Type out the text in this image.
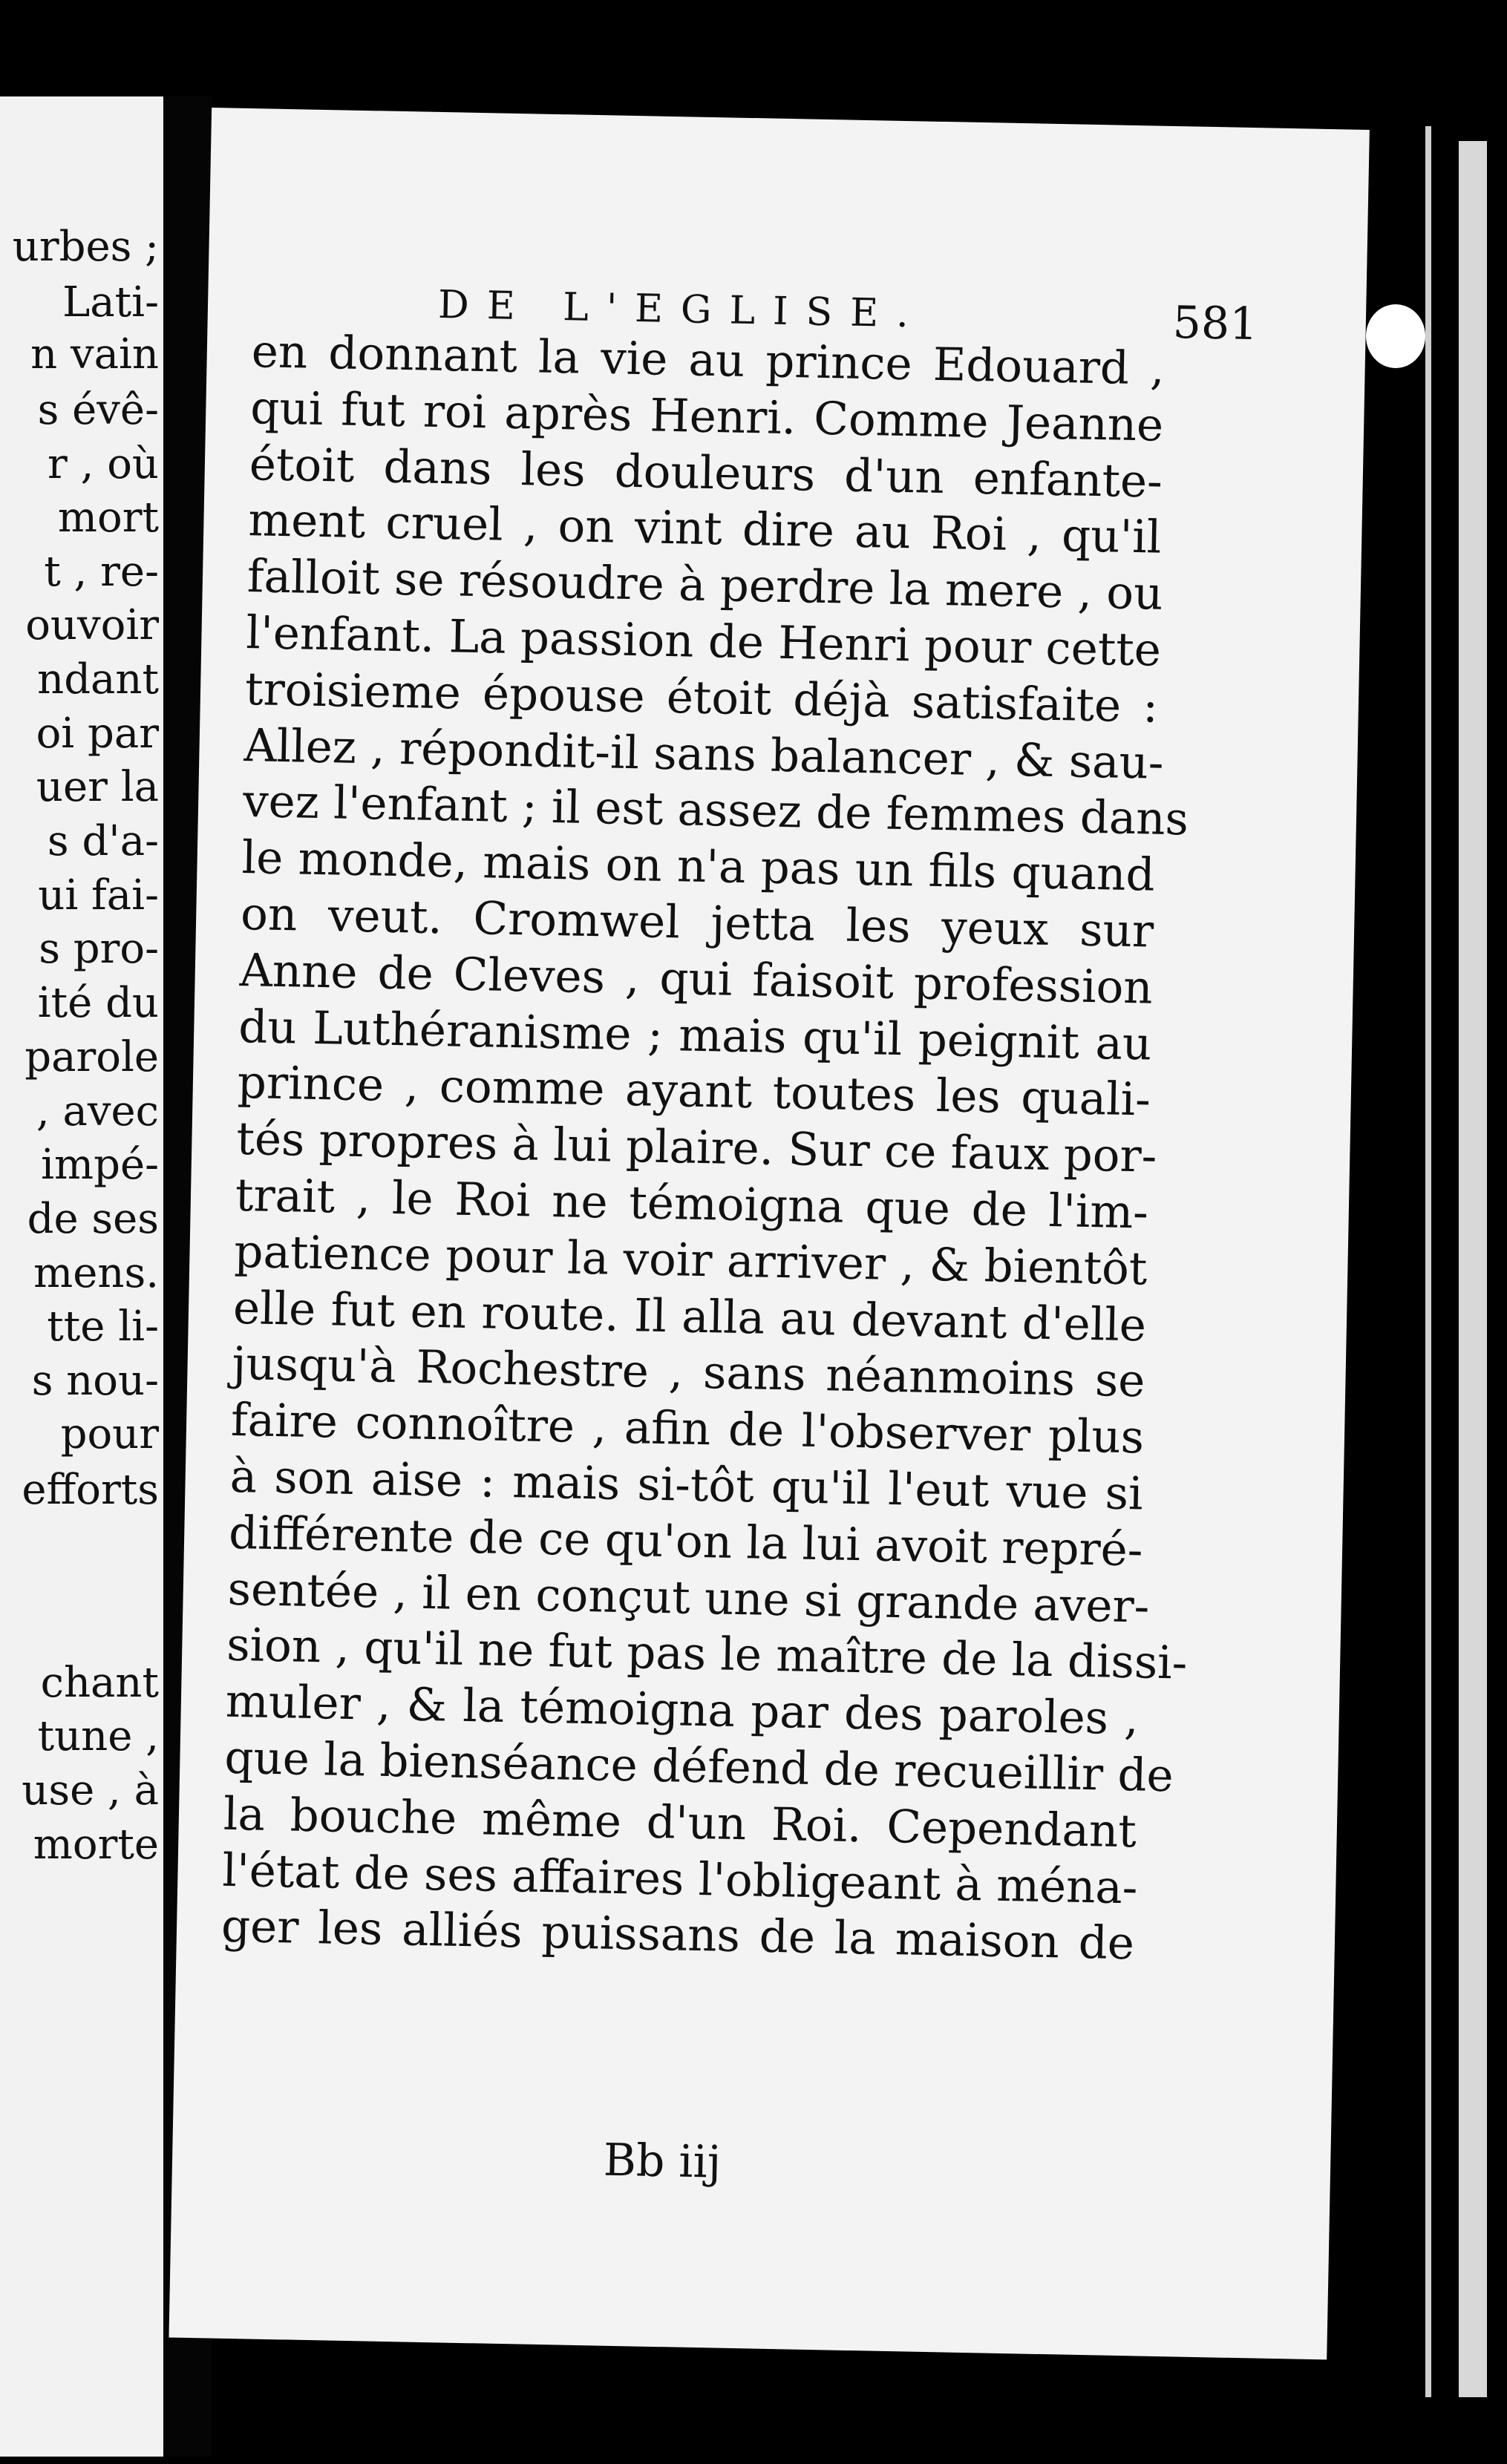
urbes ;
Lati-
n vain
s évê-
r , où
mort
t , re-
ouvoir
ndant
oi par
uer la
s d'a-
ui fai-
s pro-
ité du
parole
, avec
impé-
de ses
mens.
tte li-
s nou-
pour
efforts
chant
tune ,
use , à
morte
DE L'EGLISE.	581
en donnant la vie au prince Edouard ,
qui fut roi après Henri. Comme Jeanne
étoit dans les douleurs d'un enfante-
ment cruel , on vint dire au Roi , qu'il
falloit se résoudre à perdre la mere , ou
l'enfant. La passion de Henri pour cette
troisieme épouse étoit déjà satisfaite :
Allez , répondit-il sans balancer , & sau-
vez l'enfant ; il est assez de femmes dans
le monde, mais on n'a pas un fils quand
on veut. Cromwel jetta les yeux sur
Anne de Cleves , qui faisoit profession
du Luthéranisme ; mais qu'il peignit au
prince , comme ayant toutes les quali-
tés propres à lui plaire. Sur ce faux por-
trait , le Roi ne témoigna que de l'im-
patience pour la voir arriver , & bientôt
elle fut en route. Il alla au devant d'elle
jusqu'à Rochestre , sans néanmoins se
faire connoître , afin de l'observer plus
à son aise : mais si-tôt qu'il l'eut vue si
différente de ce qu'on la lui avoit repré-
sentée , il en conçut une si grande aver-
sion , qu'il ne fut pas le maître de la dissi-
muler , & la témoigna par des paroles ,
que la bienséance défend de recueillir de
la bouche même d'un Roi. Cependant
l'état de ses affaires l'obligeant à ména-
ger les alliés puissans de la maison de
Bb iij
